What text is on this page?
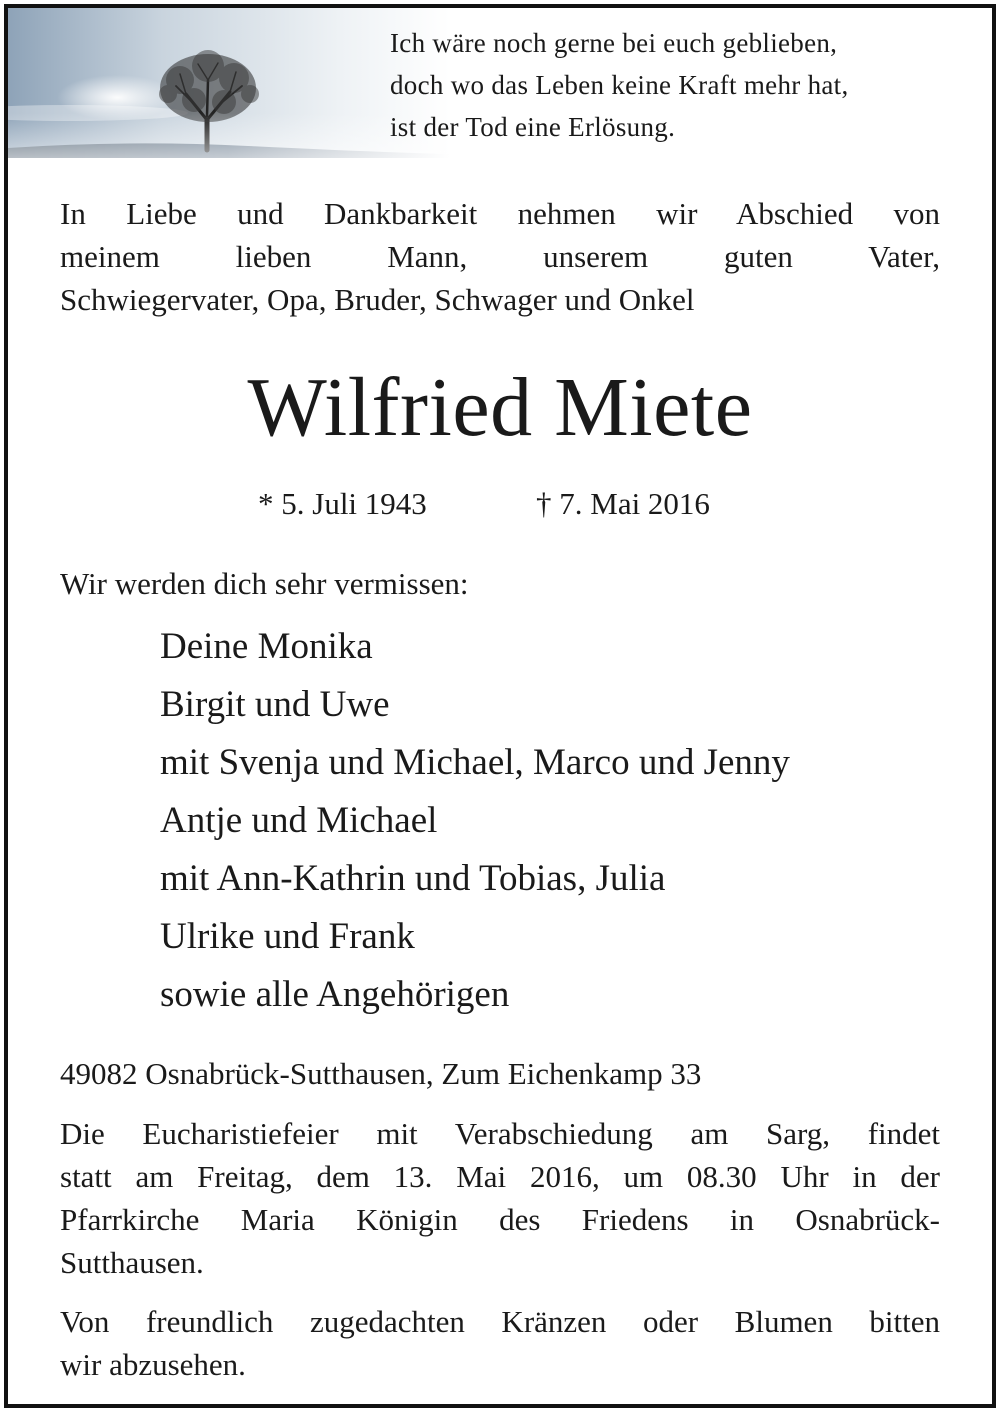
Ich wäre noch gerne bei euch geblieben,
doch wo das Leben keine Kraft mehr hat,
ist der Tod eine Erlösung.
In Liebe und Dankbarkeit nehmen wir Abschied von
meinem lieben Mann, unserem guten Vater,
Schwiegervater, Opa, Bruder, Schwager und Onkel
Wilfried Miete
* 5. Juli 1943	† 7. Mai 2016
Wir werden dich sehr vermissen:
Deine Monika
Birgit und Uwe
mit Svenja und Michael, Marco und Jenny
Antje und Michael
mit Ann-Kathrin und Tobias, Julia
Ulrike und Frank
sowie alle Angehörigen
49082 Osnabrück-Sutthausen, Zum Eichenkamp 33
Die Eucharistiefeier mit Verabschiedung am Sarg, findet
statt am Freitag, dem 13. Mai 2016, um 08.30 Uhr in der
Pfarrkirche Maria Königin des Friedens in Osnabrück-
Sutthausen.
Von freundlich zugedachten Kränzen oder Blumen bitten
wir abzusehen.
